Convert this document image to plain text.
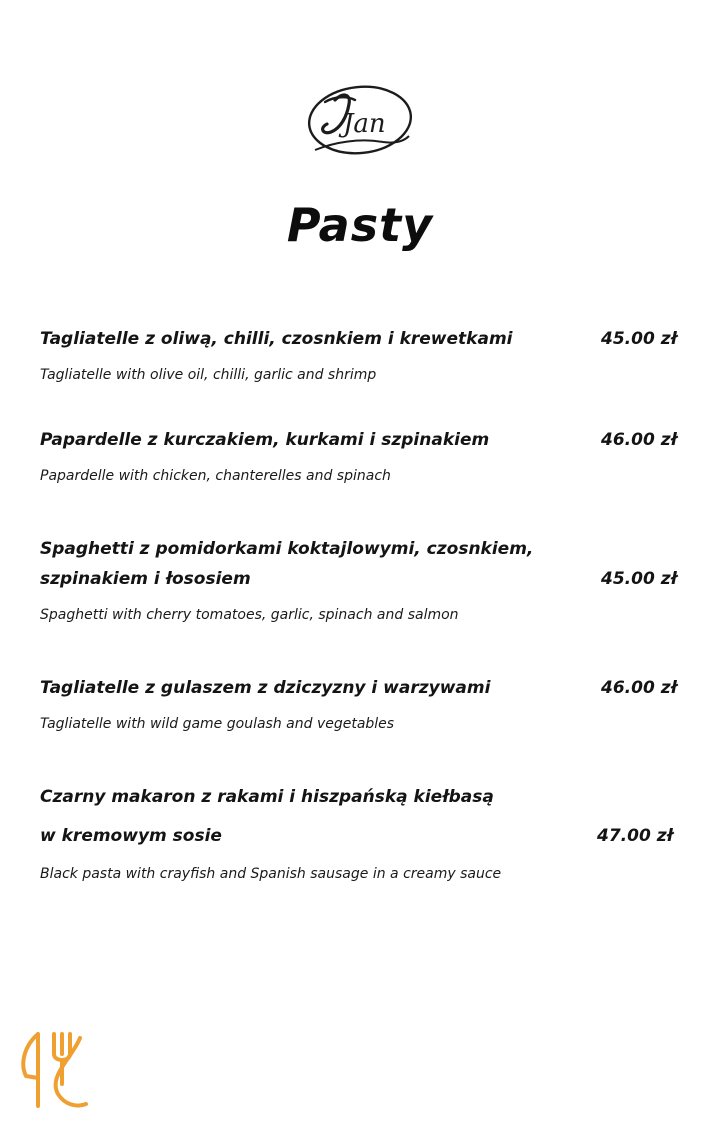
Jan
Pasty
Tagliatelle z oliwą, chilli, czosnkiem i krewetkami	45.00 zł
Tagliatelle with olive oil, chilli, garlic and shrimp
Papardelle z kurczakiem, kurkami i szpinakiem	46.00 zł
Papardelle with chicken, chanterelles and spinach
Spaghetti z pomidorkami koktajlowymi, czosnkiem,
szpinakiem i łososiem	45.00 zł
Spaghetti with cherry tomatoes, garlic, spinach and salmon
Tagliatelle z gulaszem z dziczyzny i warzywami	46.00 zł
Tagliatelle with wild game goulash and vegetables
Czarny makaron z rakami i hiszpańską kiełbasą
w kremowym sosie	47.00 zł
Black pasta with crayfish and Spanish sausage in a creamy sauce
